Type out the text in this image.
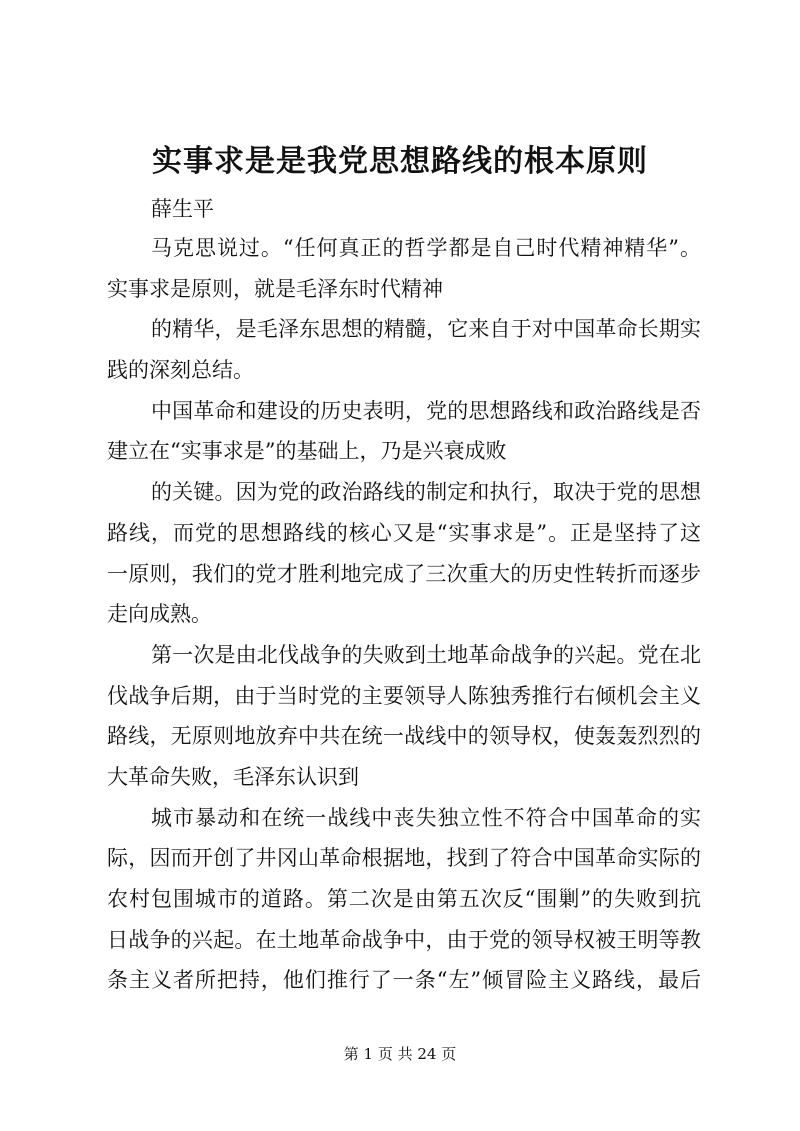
实事求是是我党思想路线的根本原则
薛生平
马克思说过。“任何真正的哲学都是自己时代精神精华”。
实事求是原则，就是毛泽东时代精神
的精华，是毛泽东思想的精髓，它来自于对中国革命长期实
践的深刻总结。
中国革命和建设的历史表明，党的思想路线和政治路线是否
建立在“实事求是”的基础上，乃是兴衰成败
的关键。因为党的政治路线的制定和执行，取决于党的思想
路线，而党的思想路线的核心又是“实事求是”。正是坚持了这
一原则，我们的党才胜利地完成了三次重大的历史性转折而逐步
走向成熟。
第一次是由北伐战争的失败到土地革命战争的兴起。党在北
伐战争后期，由于当时党的主要领导人陈独秀推行右倾机会主义
路线，无原则地放弃中共在统一战线中的领导权，使轰轰烈烈的
大革命失败，毛泽东认识到
城市暴动和在统一战线中丧失独立性不符合中国革命的实
际，因而开创了井冈山革命根据地，找到了符合中国革命实际的
农村包围城市的道路。第二次是由第五次反“围剿”的失败到抗
日战争的兴起。在土地革命战争中，由于党的领导权被王明等教
条主义者所把持，他们推行了一条“左”倾冒险主义路线，最后
第 1 页 共 24 页
